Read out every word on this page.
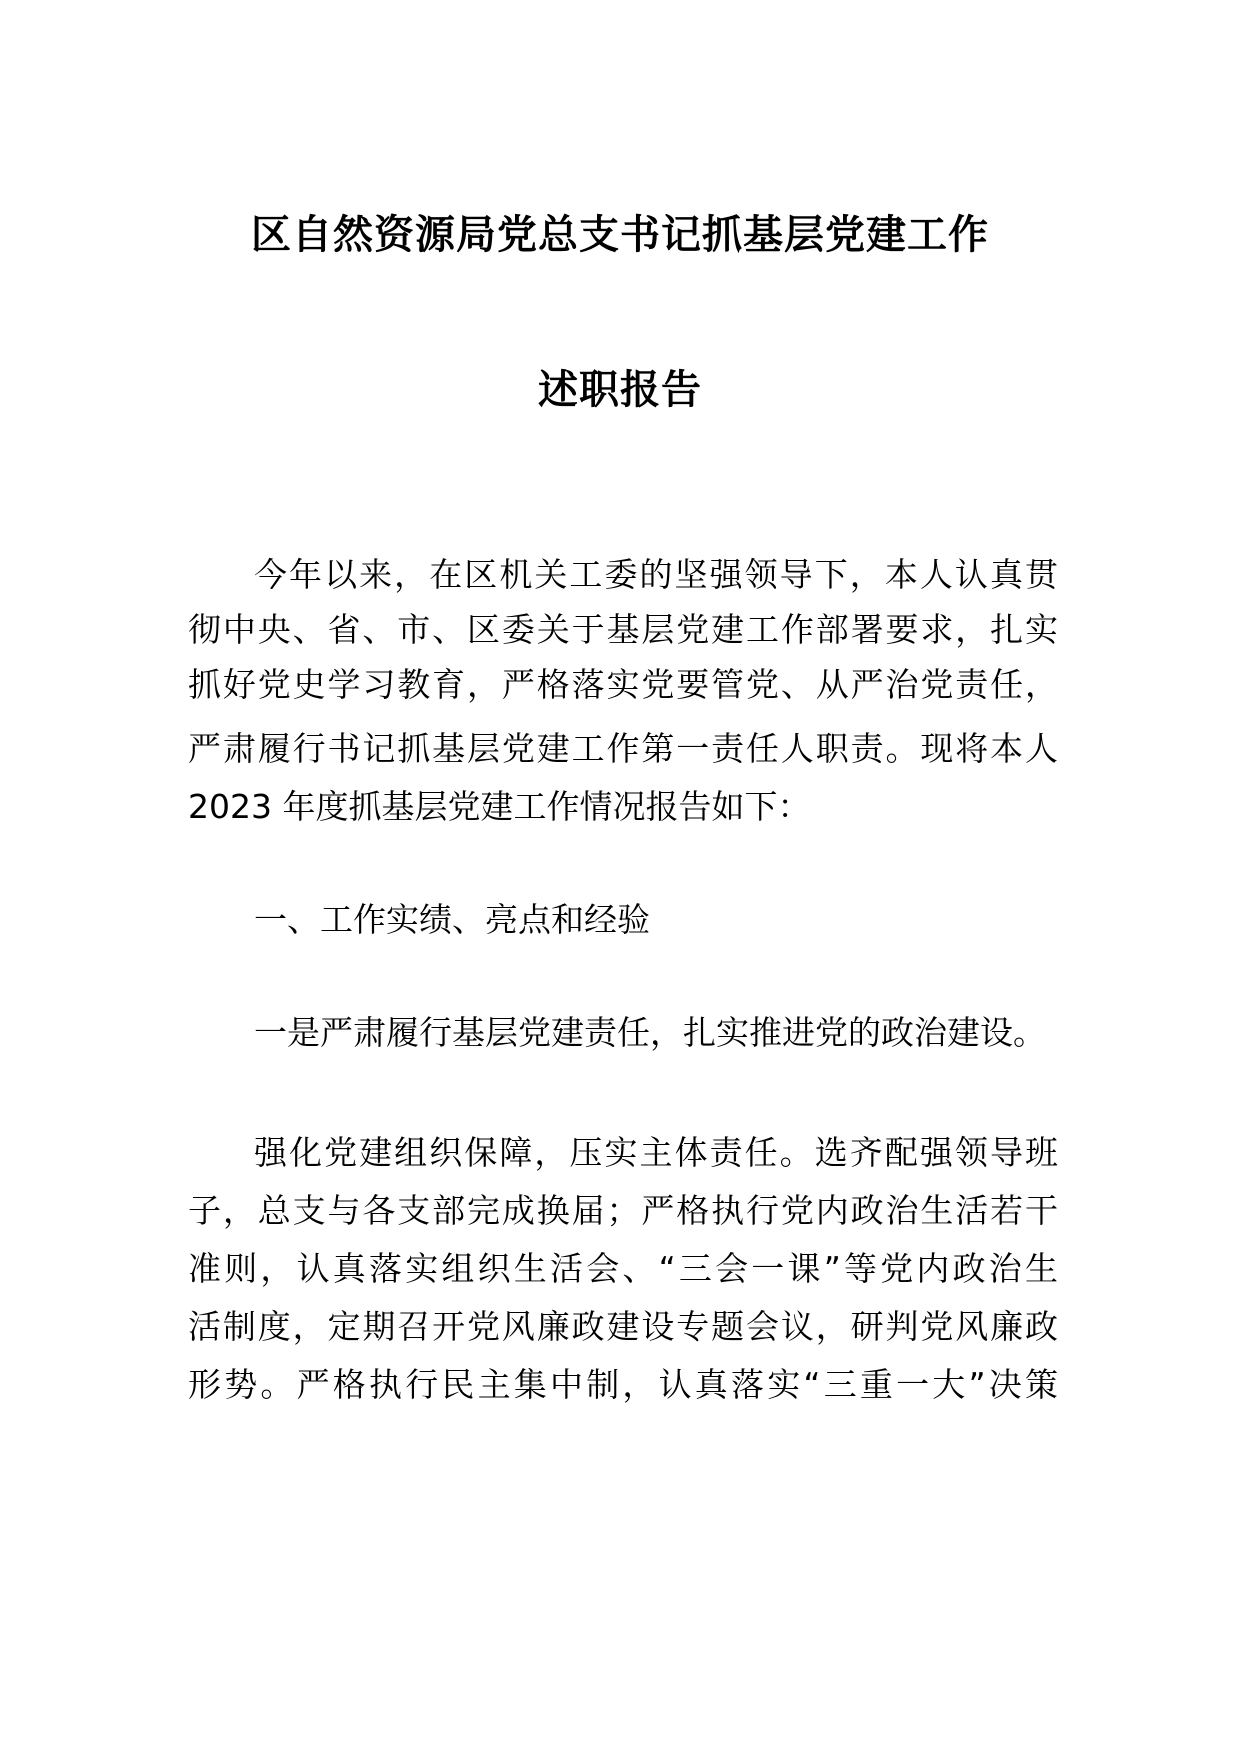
区自然资源局党总支书记抓基层党建工作
述职报告

今年以来，在区机关工委的坚强领导下，本人认真贯

彻中央、省、市、区委关于基层党建工作部署要求，扎实

抓好党史学习教育，严格落实党要管党、从严治党责任，

严肃履行书记抓基层党建工作第一责任人职责。现将本人

2023 年度抓基层党建工作情况报告如下：

一、工作实绩、亮点和经验

一是严肃履行基层党建责任，扎实推进党的政治建设。

强化党建组织保障，压实主体责任。选齐配强领导班

子，总支与各支部完成换届；严格执行党内政治生活若干

准则，认真落实组织生活会、“三会一课”等党内政治生

活制度，定期召开党风廉政建设专题会议，研判党风廉政

形势。严格执行民主集中制，认真落实“三重一大”决策
